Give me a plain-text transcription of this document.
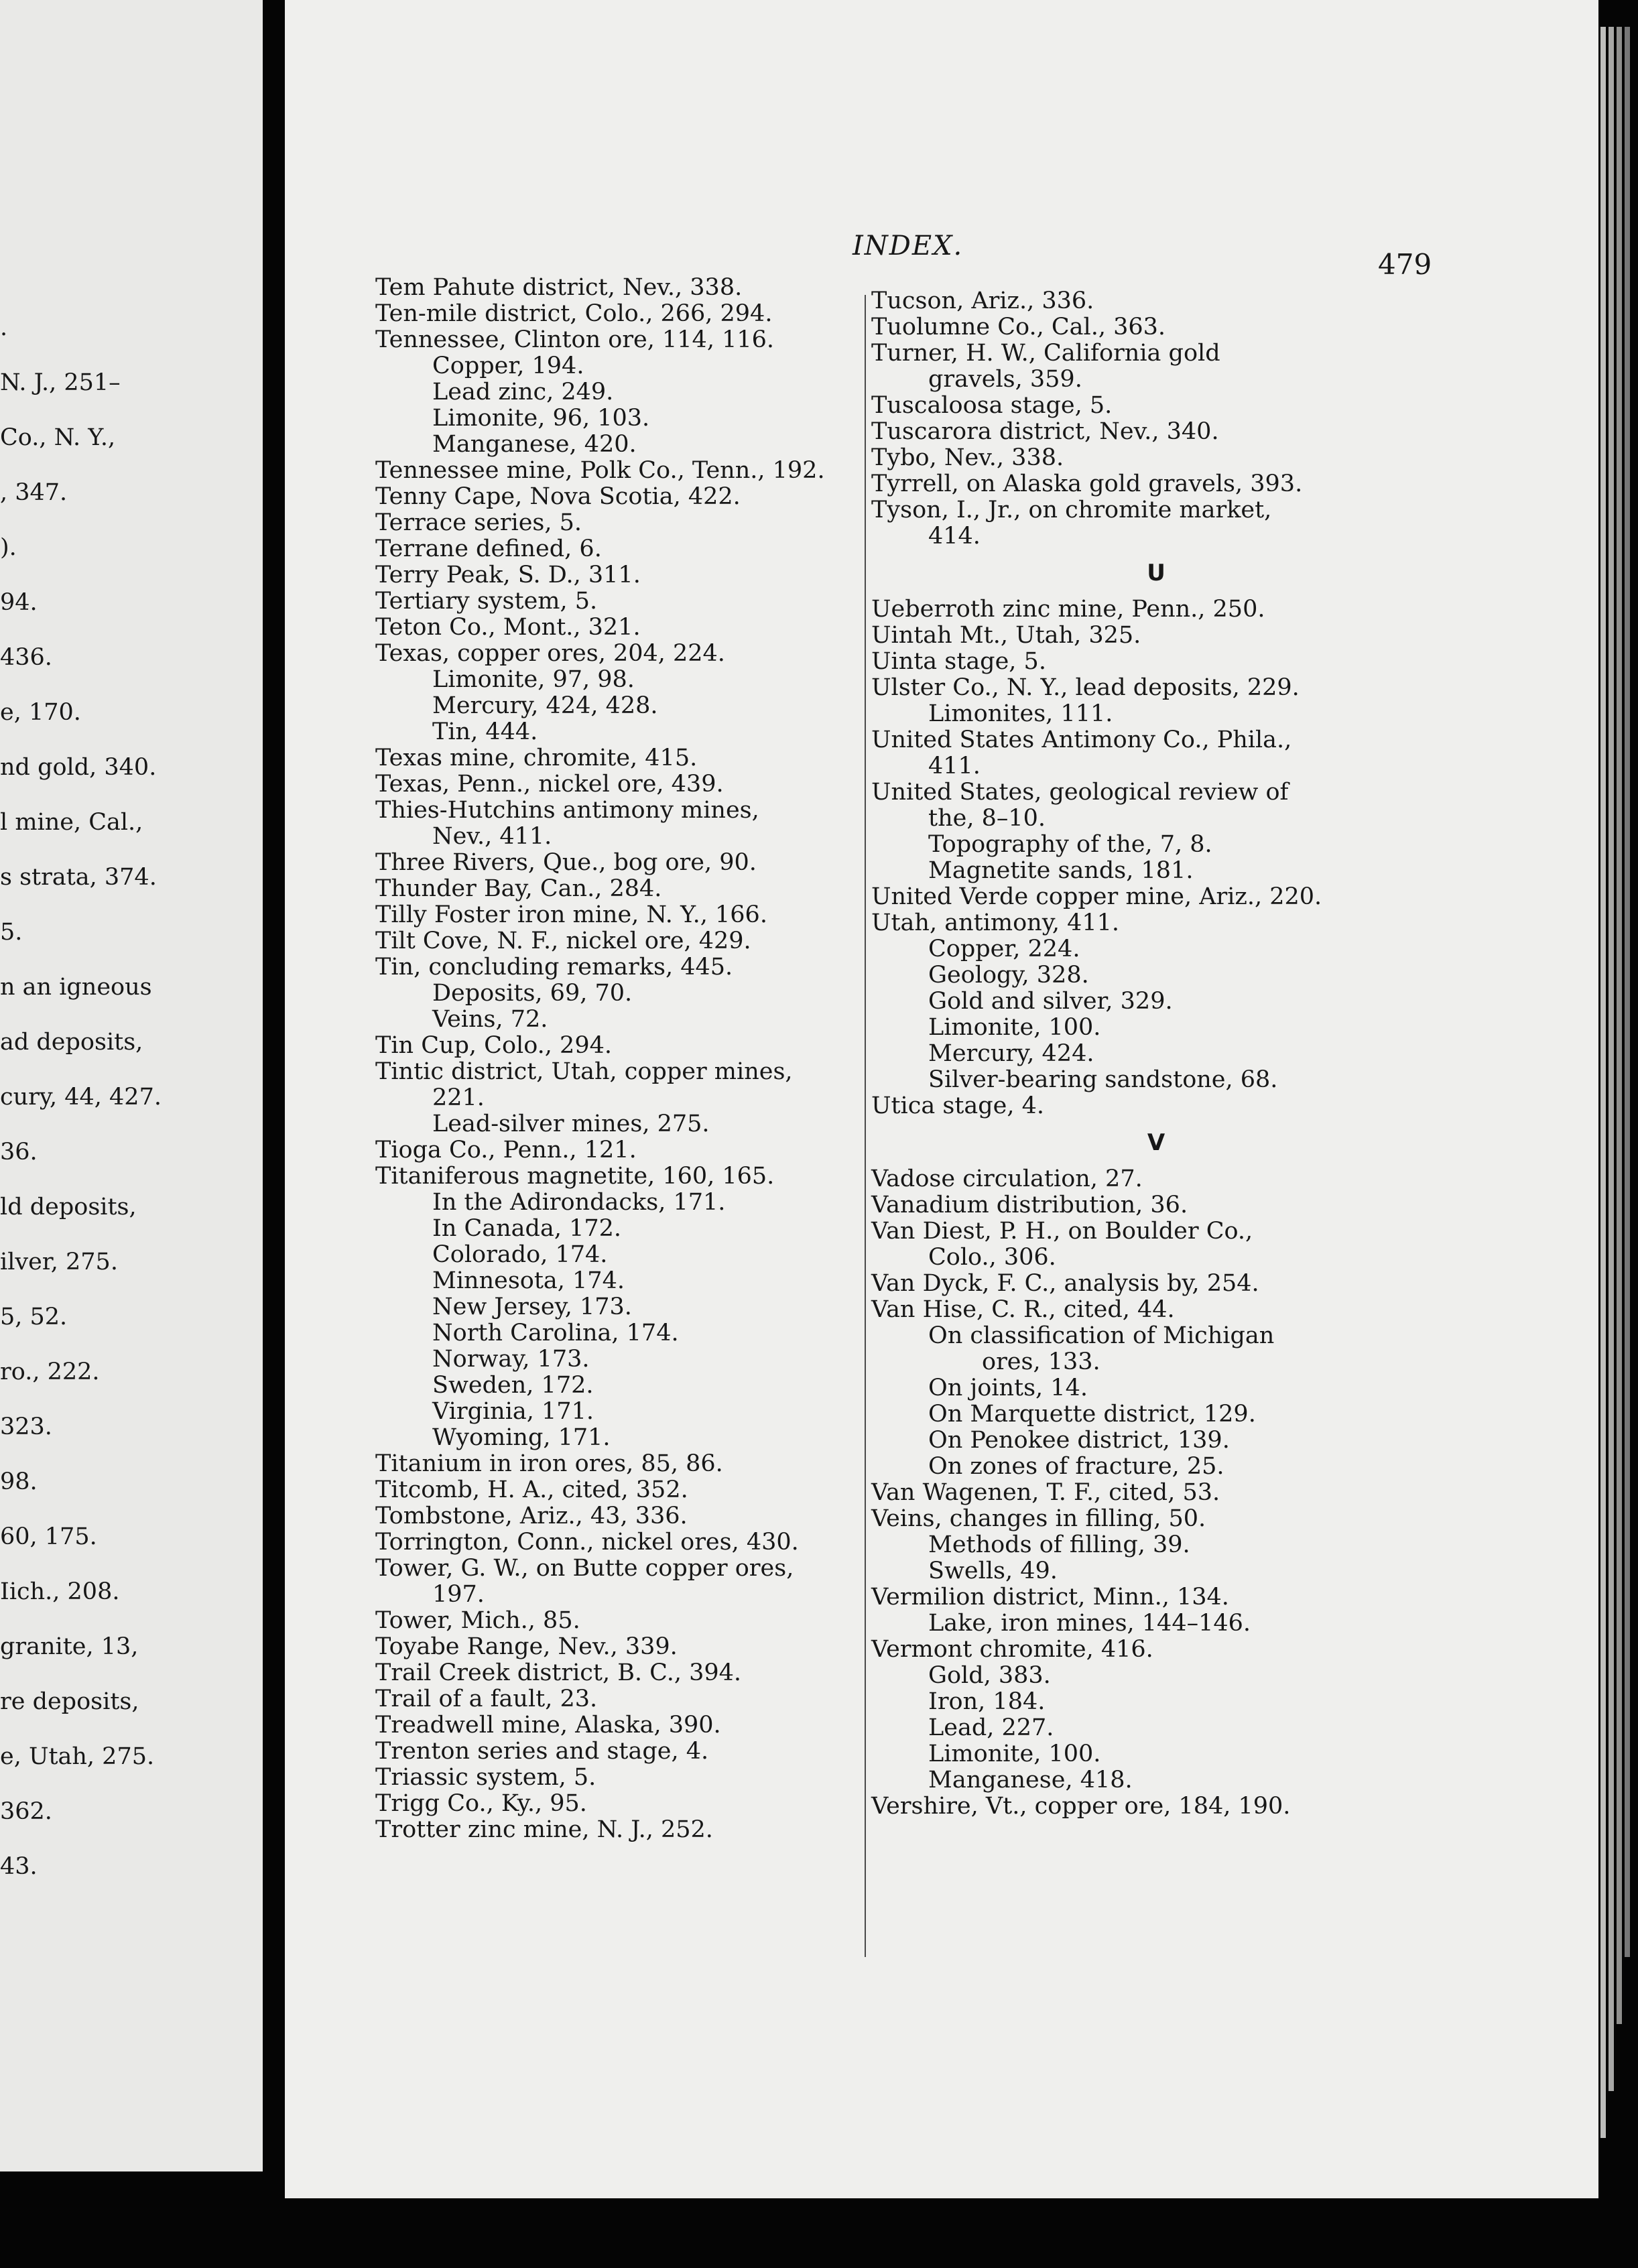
.
N. J., 251–
Co., N. Y.,
, 347.
).
94.
436.
e, 170.
nd gold, 340.
l mine, Cal.,
s strata, 374.
5.
n an igneous
ad deposits,
cury, 44, 427.
36.
ld deposits,
ilver, 275.
5, 52.
ro., 222.
323.
98.
60, 175.
Iich., 208.
granite, 13,
re deposits,
e, Utah, 275.
362.
43.
INDEX.
479
Tem Pahute district, Nev., 338.
Ten-mile district, Colo., 266, 294.
Tennessee, Clinton ore, 114, 116.
Copper, 194.
Lead zinc, 249.
Limonite, 96, 103.
Manganese, 420.
Tennessee mine, Polk Co., Tenn., 192.
Tenny Cape, Nova Scotia, 422.
Terrace series, 5.
Terrane defined, 6.
Terry Peak, S. D., 311.
Tertiary system, 5.
Teton Co., Mont., 321.
Texas, copper ores, 204, 224.
Limonite, 97, 98.
Mercury, 424, 428.
Tin, 444.
Texas mine, chromite, 415.
Texas, Penn., nickel ore, 439.
Thies-Hutchins antimony mines,
Nev., 411.
Three Rivers, Que., bog ore, 90.
Thunder Bay, Can., 284.
Tilly Foster iron mine, N. Y., 166.
Tilt Cove, N. F., nickel ore, 429.
Tin, concluding remarks, 445.
Deposits, 69, 70.
Veins, 72.
Tin Cup, Colo., 294.
Tintic district, Utah, copper mines,
221.
Lead-silver mines, 275.
Tioga Co., Penn., 121.
Titaniferous magnetite, 160, 165.
In the Adirondacks, 171.
In Canada, 172.
Colorado, 174.
Minnesota, 174.
New Jersey, 173.
North Carolina, 174.
Norway, 173.
Sweden, 172.
Virginia, 171.
Wyoming, 171.
Titanium in iron ores, 85, 86.
Titcomb, H. A., cited, 352.
Tombstone, Ariz., 43, 336.
Torrington, Conn., nickel ores, 430.
Tower, G. W., on Butte copper ores,
197.
Tower, Mich., 85.
Toyabe Range, Nev., 339.
Trail Creek district, B. C., 394.
Trail of a fault, 23.
Treadwell mine, Alaska, 390.
Trenton series and stage, 4.
Triassic system, 5.
Trigg Co., Ky., 95.
Trotter zinc mine, N. J., 252.
Tucson, Ariz., 336.
Tuolumne Co., Cal., 363.
Turner, H. W., California gold
gravels, 359.
Tuscaloosa stage, 5.
Tuscarora district, Nev., 340.
Tybo, Nev., 338.
Tyrrell, on Alaska gold gravels, 393.
Tyson, I., Jr., on chromite market,
414.
U
Ueberroth zinc mine, Penn., 250.
Uintah Mt., Utah, 325.
Uinta stage, 5.
Ulster Co., N. Y., lead deposits, 229.
Limonites, 111.
United States Antimony Co., Phila.,
411.
United States, geological review of
the, 8–10.
Topography of the, 7, 8.
Magnetite sands, 181.
United Verde copper mine, Ariz., 220.
Utah, antimony, 411.
Copper, 224.
Geology, 328.
Gold and silver, 329.
Limonite, 100.
Mercury, 424.
Silver-bearing sandstone, 68.
Utica stage, 4.
V
Vadose circulation, 27.
Vanadium distribution, 36.
Van Diest, P. H., on Boulder Co.,
Colo., 306.
Van Dyck, F. C., analysis by, 254.
Van Hise, C. R., cited, 44.
On classification of Michigan
ores, 133.
On joints, 14.
On Marquette district, 129.
On Penokee district, 139.
On zones of fracture, 25.
Van Wagenen, T. F., cited, 53.
Veins, changes in filling, 50.
Methods of filling, 39.
Swells, 49.
Vermilion district, Minn., 134.
Lake, iron mines, 144–146.
Vermont chromite, 416.
Gold, 383.
Iron, 184.
Lead, 227.
Limonite, 100.
Manganese, 418.
Vershire, Vt., copper ore, 184, 190.
